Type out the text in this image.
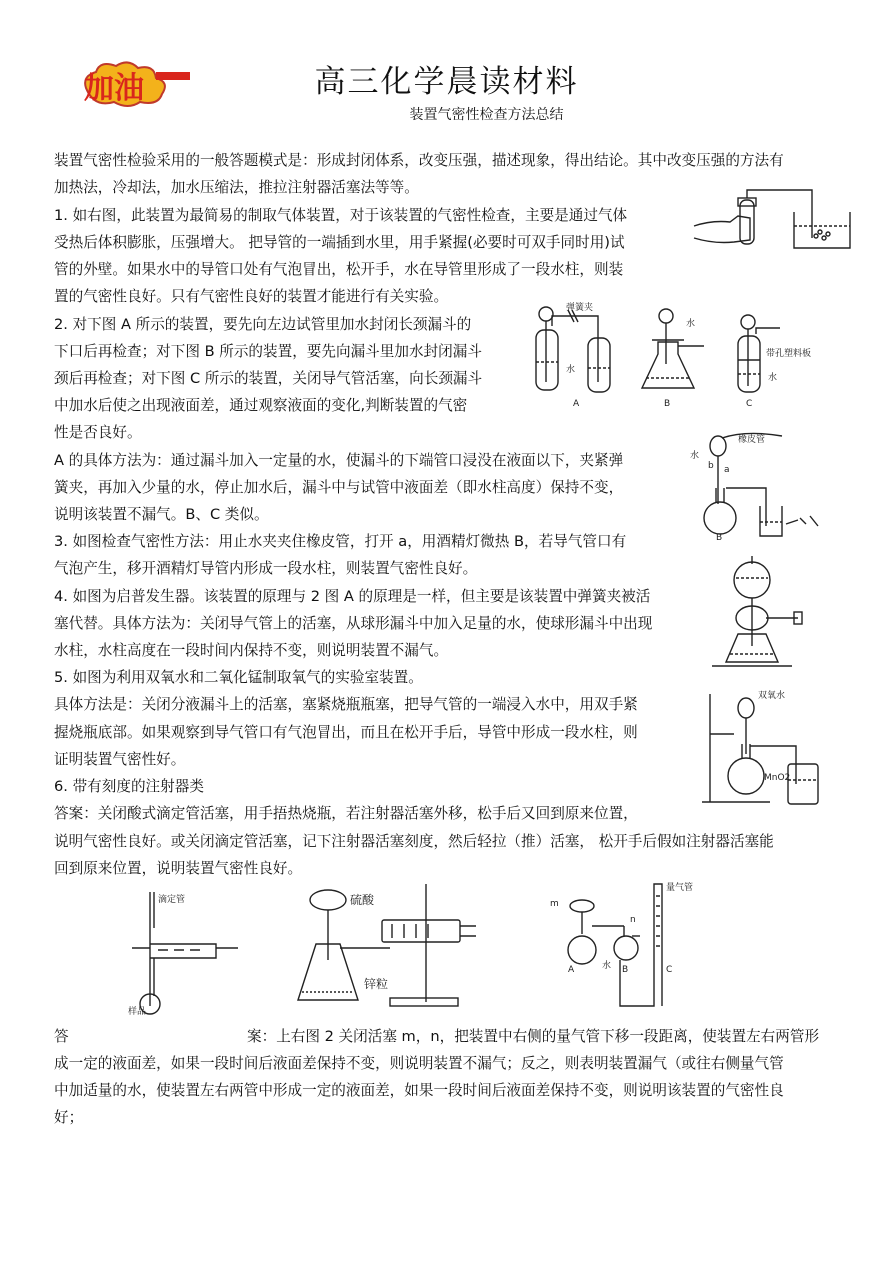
加油	高三化学晨读材料
装置气密性检查方法总结
装置气密性检验采用的一般答题模式是：形成封闭体系，改变压强，描述现象，得出结论。其中改变压强的方法有
加热法，冷却法，加水压缩法，推拉注射器活塞法等等。
1. 如右图，此装置为最简易的制取气体装置，对于该装置的气密性检查，主要是通过气体
受热后体积膨胀，压强增大。 把导管的一端插到水里，用手紧握(必要时可双手同时用)试
管的外壁。如果水中的导管口处有气泡冒出，松开手，水在导管里形成了一段水柱，则装
置的气密性良好。只有气密性良好的装置才能进行有关实验。
2. 对下图 A 所示的装置，要先向左边试管里加水封闭长颈漏斗的
下口后再检查；对下图 B 所示的装置，要先向漏斗里加水封闭漏斗
颈后再检查；对下图 C 所示的装置，关闭导气管活塞，向长颈漏斗
中加水后使之出现液面差，通过观察液面的变化,判断装置的气密
性是否良好。
A 的具体方法为：通过漏斗加入一定量的水，使漏斗的下端管口浸没在液面以下，夹紧弹
簧夹，再加入少量的水，停止加水后，漏斗中与试管中液面差（即水柱高度）保持不变，
说明该装置不漏气。B、C 类似。
3. 如图检查气密性方法：用止水夹夹住橡皮管，打开 a，用酒精灯微热 B，若导气管口有
气泡产生，移开酒精灯导管内形成一段水柱，则装置气密性良好。
4. 如图为启普发生器。该装置的原理与 2 图 A 的原理是一样，但主要是该装置中弹簧夹被活
塞代替。具体方法为：关闭导气管上的活塞，从球形漏斗中加入足量的水，使球形漏斗中出现
水柱，水柱高度在一段时间内保持不变，则说明装置不漏气。
5. 如图为利用双氧水和二氧化锰制取氧气的实验室装置。
具体方法是：关闭分液漏斗上的活塞，塞紧烧瓶瓶塞，把导气管的一端浸入水中，用双手紧
握烧瓶底部。如果观察到导气管口有气泡冒出，而且在松开手后，导管中形成一段水柱，则
证明装置气密性好。
6. 带有刻度的注射器类
答案：关闭酸式滴定管活塞，用手捂热烧瓶，若注射器活塞外移，松手后又回到原来位置，
说明气密性良好。或关闭滴定管活塞，记下注射器活塞刻度，然后轻拉（推）活塞， 松开手后假如注射器活塞能
回到原来位置，说明装置气密性良好。
答	案：上右图 2 关闭活塞 m，n，把装置中右侧的量气管下移一段距离，使装置左右两管形
成一定的液面差，如果一段时间后液面差保持不变，则说明装置不漏气；反之，则表明装置漏气（或往右侧量气管
中加适量的水，使装置左右两管中形成一定的液面差，如果一段时间后液面差保持不变，则说明该装置的气密性良
好；
弹簧夹
水
水
带孔塑料板
水
A	B	C
橡皮管
水
a
b
B
双氧水
MnO2
滴定管
样品
硫酸
锌粒
m
n
水
A	B	C
量气管
